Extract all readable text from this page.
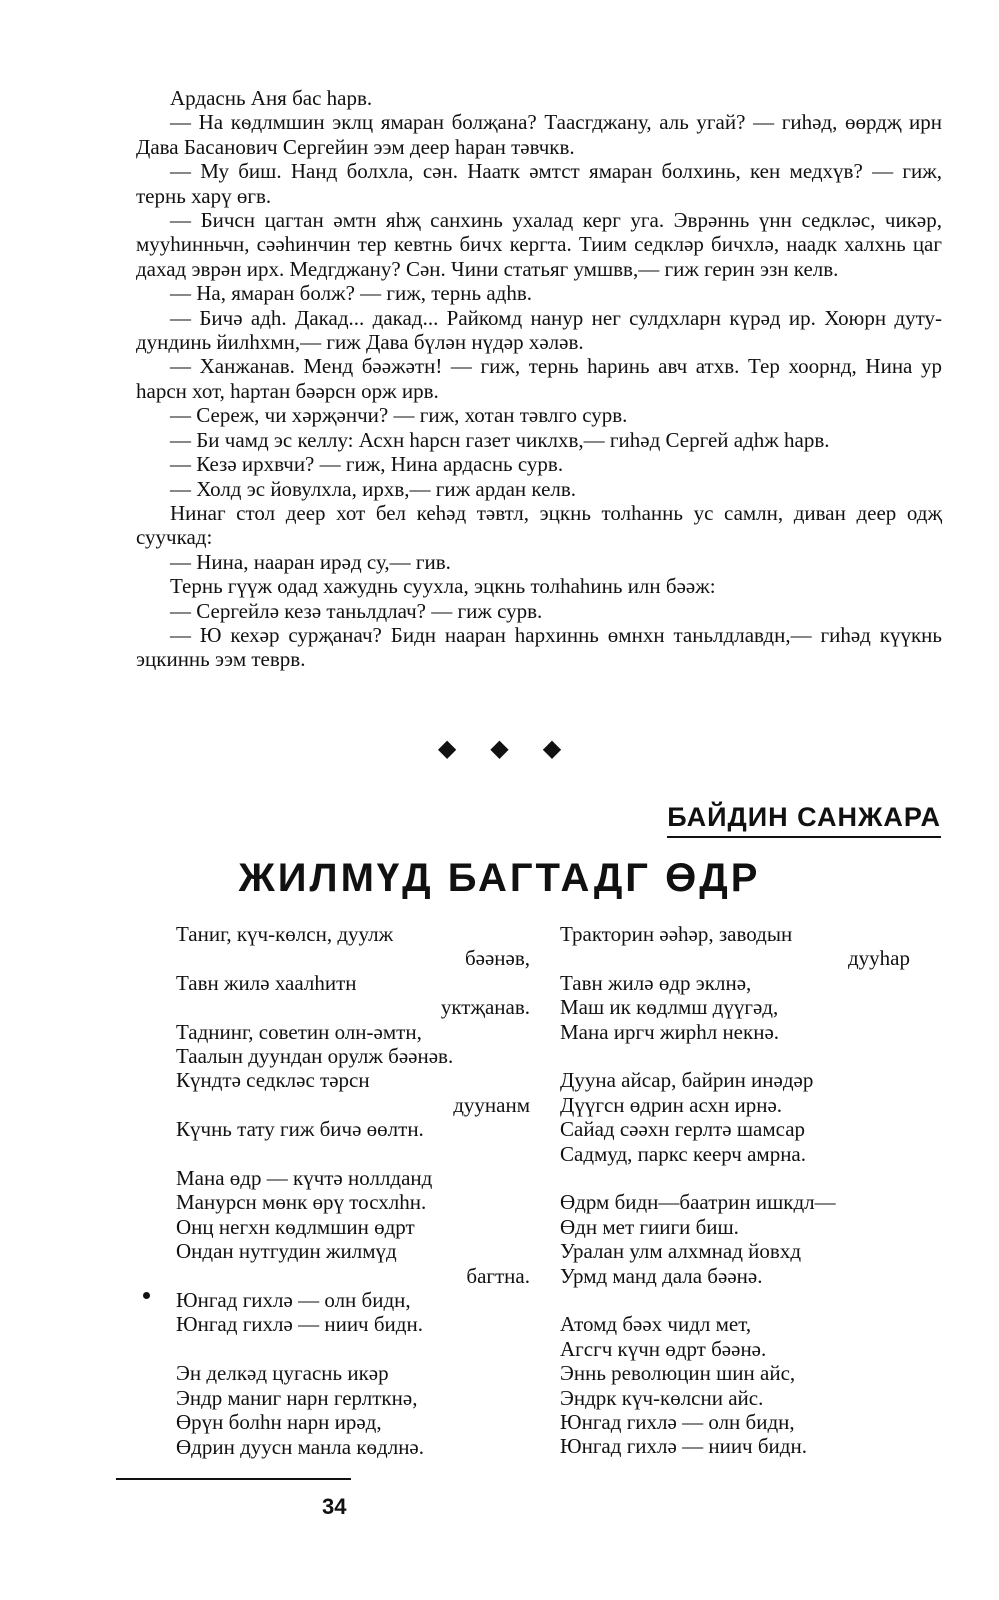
Ардаснь Аня бас һарв.

— На кѳдлмшин эклц ямаран болҗана? Таасгджану, аль угай? — гиһәд, өөрдҗ ирн Дава Басанович Сергейин ээм деер һаран тәвчкв.

— Му биш. Нанд болхла, сән. Наатк әмтст ямаран болхинь, кен медхүв? — гиж, тернь харү өгв.

— Бичсн цагтан әмтн яһҗ санхинь ухалад керг уга. Эврәннь үнн седкләс, чикәр, мууһинньчн, сәәһинчин тер кевтнь бичх кергта. Тиим седкләр бичхлә, наадк халхнь цаг дахад эврән ирх. Медгджану? Сән. Чини статьяг умшвв,— гиж герин эзн келв.

— На, ямаран болж? — гиж, тернь адһв.

— Бичә адһ. Дакад... дакад... Райкомд нанур нег сулдхларн күрәд ир. Хоюрн дуту-дундинь йилһхмн,— гиж Дава бүлән нүдәр хәләв.

— Ханжанав. Менд бәәжәтн! — гиж, тернь һаринь авч атхв. Тер хоорнд, Нина ур һарсн хот, һартан бәәрсн орж ирв.

— Сереж, чи хәрҗәнчи? — гиж, хотан тәвлго сурв.

— Би чамд эс келлу: Асхн һарсн газет чиклхв,— гиһәд Сергей адһж һарв.

— Кезә ирхвчи? — гиж, Нина ардаснь сурв.

— Холд эс йовулхла, ирхв,— гиж ардан келв.

Нинаг стол деер хот бел кеһәд тәвтл, эцкнь толһаннь ус самлн, диван деер одҗ суучкад:

— Нина, нааран ирәд су,— гив.

Тернь гүүж одад хажуднь суухла, эцкнь толһаһинь илн бәәж:

— Сергейлә кезә таньлдлач? — гиж сурв.

— Ю кехәр сурҗанач? Бидн нааран һархиннь өмнхн таньлдлавдн,— гиһәд күүкнь эцкиннь ээм теврв.

◆ ◆ ◆
БАЙДИН САНЖАРА
ЖИЛМҮД БАГТАДГ ӨДР
Таниг, күч-көлсн, дуулж
бәәнәв,
Тавн жилә хаалһитн
уктҗанав.
Таднинг, советин олн-әмтн,
Таалын дуундан орулж бәәнәв.
Күндтә седкләс тәрсн
дуунанм
Күчнь тату гиж бичә өөлтн.
Мана өдр — күчтә ноллданд
Манурсн мөнк өрү тосхлһн.
Онц негхн кѳдлмшин өдрт
Ондан нутгудин жилмүд
багтна.
Юнгад гихлә — олн бидн,
Юнгад гихлә — ниич бидн.
Эн делкәд цугаснь икәр
Эндр маниг нарн герлткнә,
Өрүн болһн нарн ирәд,
Өдрин дуусн манла кѳдлнә.
Тракторин әәһәр, заводын
дууһар
Тавн жилә өдр эклнә,
Маш ик кѳдлмш дүүгәд,
Мана иргч жирһл некнә.
Дууна айсар, байрин инәдәр
Дүүгсн өдрин асхн ирнә.
Сайад сәәхн герлтә шамсар
Садмуд, паркс кеерч амрна.
Өдрм бидн—баатрин ишкдл—
Өдн мет гииги биш.
Уралан улм алхмнад йовхд
Урмд манд дала бәәнә.
Атомд бәәх чидл мет,
Агсгч күчн өдрт бәәнә.
Эннь революцин шин айс,
Эндрк күч-көлсни айс.
Юнгад гихлә — олн бидн,
Юнгад гихлә — ниич бидн.
34
